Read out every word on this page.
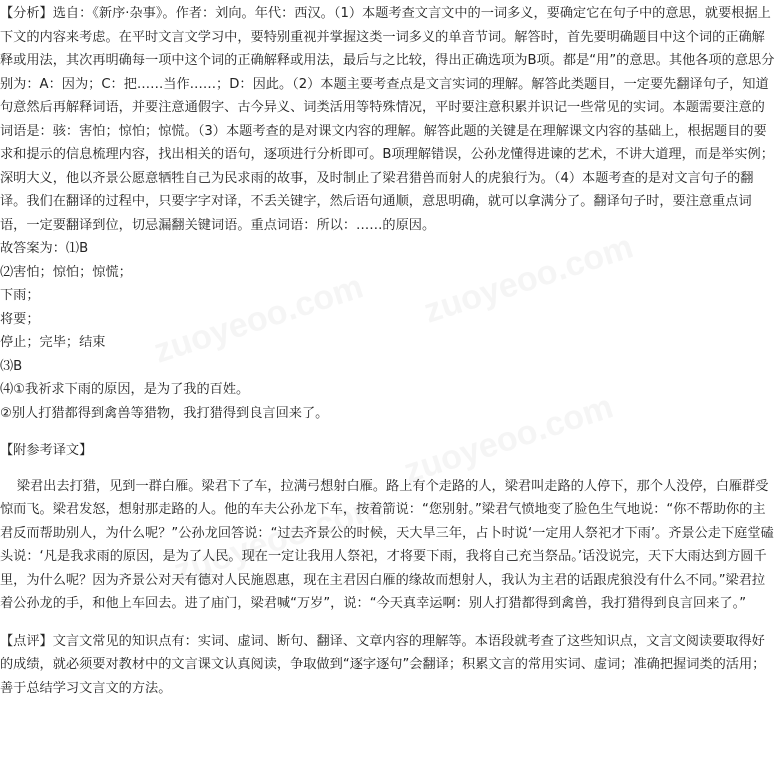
zuoyeoo.com zuoyeoo.com
zuoyeoo.com
zuoyeoo.com

【分析】选自：《新序·杂事》。作者：刘向。年代：西汉。（1）本题考查文言文中的一词多义，要确定它在句子中的意思，就要根据上下文的内容来考虑。在平时文言文学习中，要特别重视并掌握这类一词多义的单音节词。解答时，首先要明确题目中这个词的正确解释或用法，其次再明确每一项中这个词的正确解释或用法，最后与之比较，得出正确选项为B项。都是“用”的意思。其他各项的意思分别为：A：因为；C：把……当作……；D：因此。（2）本题主要考查点是文言实词的理解。解答此类题目，一定要先翻译句子，知道句意然后再解释词语，并要注意通假字、古今异义、词类活用等特殊情况，平时要注意积累并识记一些常见的实词。本题需要注意的词语是：骇：害怕；惊怕；惊慌。（3）本题考查的是对课文内容的理解。解答此题的关键是在理解课文内容的基础上，根据题目的要求和提示的信息梳理内容，找出相关的语句，逐项进行分析即可。B项理解错误，公孙龙懂得进谏的艺术，不讲大道理，而是举实例；深明大义，他以齐景公愿意牺牲自己为民求雨的故事，及时制止了梁君猎兽而射人的虎狼行为。（4）本题考查的是对文言句子的翻译。我们在翻译的过程中，只要字字对译，不丢关键字，然后语句通顺，意思明确，就可以拿满分了。翻译句子时，要注意重点词语，一定要翻译到位，切忌漏翻关键词语。重点词语：所以：……的原因。

故答案为：⑴B

⑵害怕；惊怕；惊慌；

下雨；

将要；

停止；完毕；结束

⑶B

⑷①我祈求下雨的原因，是为了我的百姓。

②别人打猎都得到禽兽等猎物，我打猎得到良言回来了。

【附参考译文】

梁君出去打猎，见到一群白雁。梁君下了车，拉满弓想射白雁。路上有个走路的人，梁君叫走路的人停下，那个人没停，白雁群受惊而飞。梁君发怒，想射那走路的人。他的车夫公孙龙下车，按着箭说：“您别射。”梁君气愤地变了脸色生气地说：“你不帮助你的主君反而帮助别人，为什么呢？”公孙龙回答说：“过去齐景公的时候，天大旱三年，占卜时说‘一定用人祭祀才下雨’。齐景公走下庭堂磕头说：‘凡是我求雨的原因，是为了人民。现在一定让我用人祭祀，才将要下雨，我将自己充当祭品。’话没说完，天下大雨达到方圆千里，为什么呢？因为齐景公对天有德对人民施恩惠，现在主君因白雁的缘故而想射人，我认为主君的话跟虎狼没有什么不同。”梁君拉着公孙龙的手，和他上车回去。进了庙门，梁君喊“万岁”，说：“今天真幸运啊：别人打猎都得到禽兽，我打猎得到良言回来了。”

【点评】文言文常见的知识点有：实词、虚词、断句、翻译、文章内容的理解等。本语段就考查了这些知识点，文言文阅读要取得好的成绩，就必须要对教材中的文言课文认真阅读，争取做到“逐字逐句”会翻译；积累文言的常用实词、虚词；准确把握词类的活用；善于总结学习文言文的方法。
